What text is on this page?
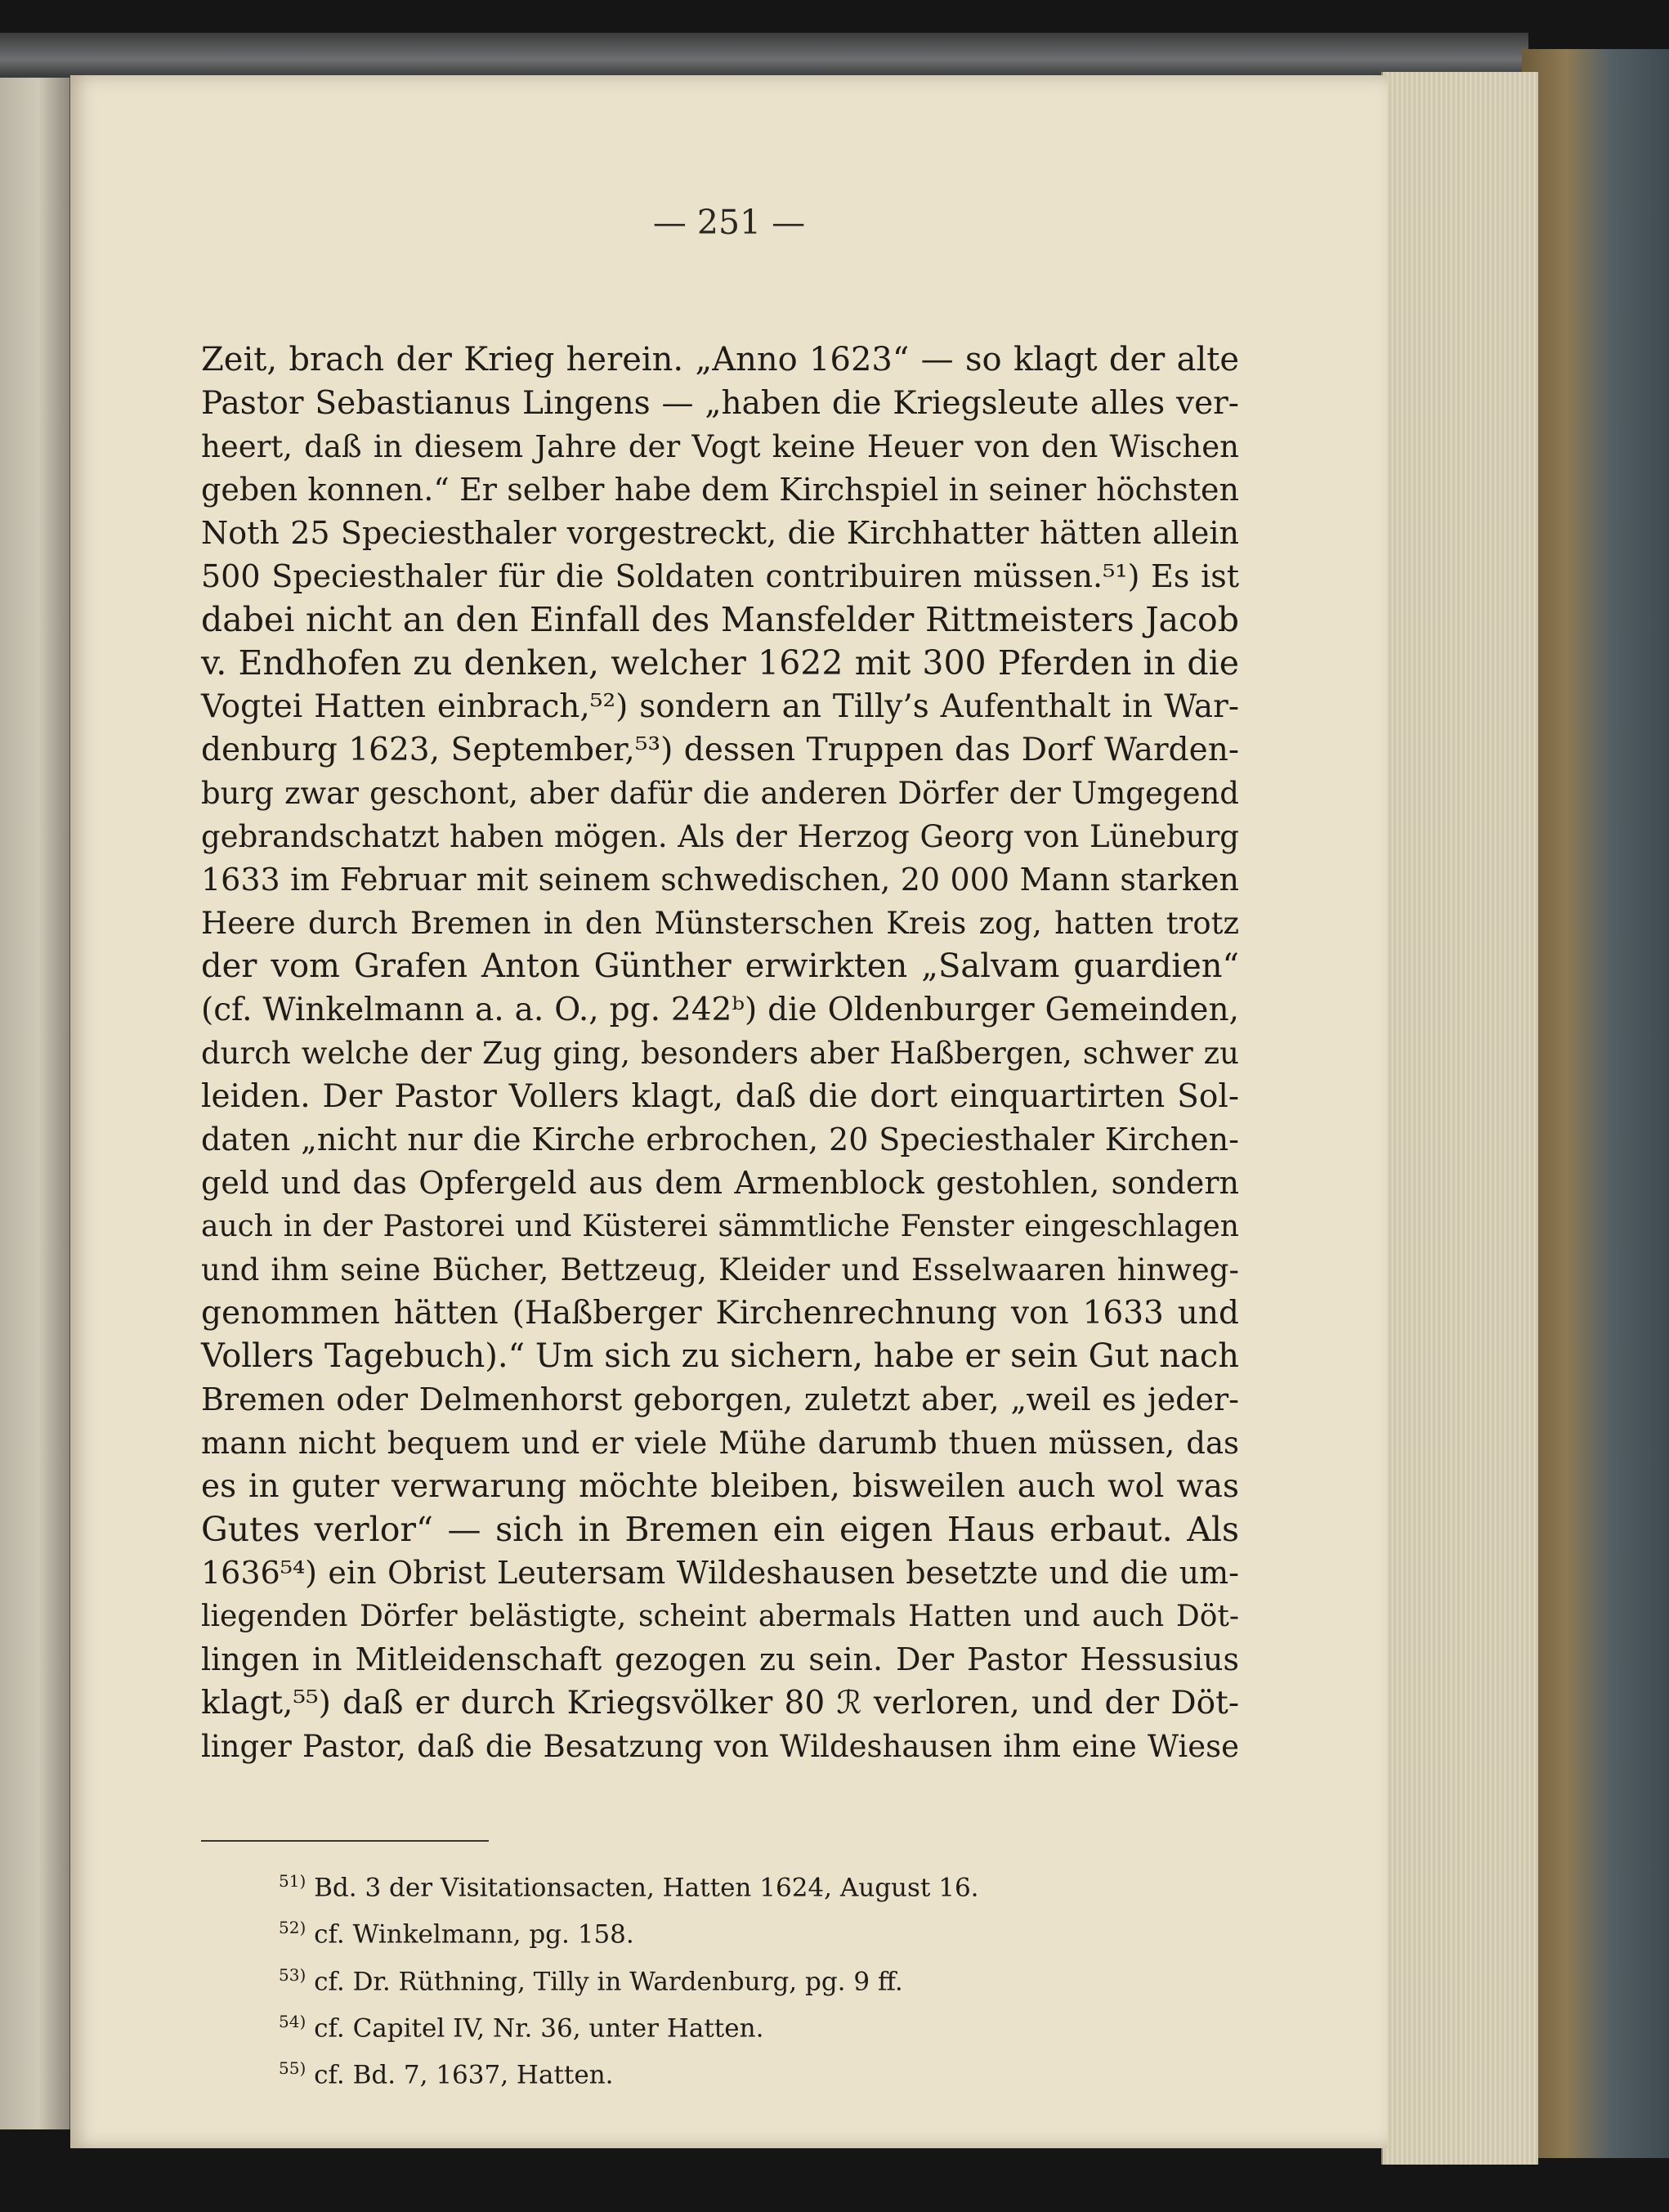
— 251 —
Zeit, brach der Krieg herein. „Anno 1623“ — so klagt der alte
Pastor Sebastianus Lingens — „haben die Kriegsleute alles ver-
heert, daß in diesem Jahre der Vogt keine Heuer von den Wischen
geben konnen.“ Er selber habe dem Kirchspiel in seiner höchsten
Noth 25 Speciesthaler vorgestreckt, die Kirchhatter hätten allein
500 Speciesthaler für die Soldaten contribuiren müssen.⁵¹) Es ist
dabei nicht an den Einfall des Mansfelder Rittmeisters Jacob
v. Endhofen zu denken, welcher 1622 mit 300 Pferden in die
Vogtei Hatten einbrach,⁵²) sondern an Tilly’s Aufenthalt in War-
denburg 1623, September,⁵³) dessen Truppen das Dorf Warden-
burg zwar geschont, aber dafür die anderen Dörfer der Umgegend
gebrandschatzt haben mögen. Als der Herzog Georg von Lüneburg
1633 im Februar mit seinem schwedischen, 20 000 Mann starken
Heere durch Bremen in den Münsterschen Kreis zog, hatten trotz
der vom Grafen Anton Günther erwirkten „Salvam guardien“
(cf. Winkelmann a. a. O., pg. 242ᵇ) die Oldenburger Gemeinden,
durch welche der Zug ging, besonders aber Haßbergen, schwer zu
leiden. Der Pastor Vollers klagt, daß die dort einquartirten Sol-
daten „nicht nur die Kirche erbrochen, 20 Speciesthaler Kirchen-
geld und das Opfergeld aus dem Armenblock gestohlen, sondern
auch in der Pastorei und Küsterei sämmtliche Fenster eingeschlagen
und ihm seine Bücher, Bettzeug, Kleider und Esselwaaren hinweg-
genommen hätten (Haßberger Kirchenrechnung von 1633 und
Vollers Tagebuch).“ Um sich zu sichern, habe er sein Gut nach
Bremen oder Delmenhorst geborgen, zuletzt aber, „weil es jeder-
mann nicht bequem und er viele Mühe darumb thuen müssen, das
es in guter verwarung möchte bleiben, bisweilen auch wol was
Gutes verlor“ — sich in Bremen ein eigen Haus erbaut. Als
1636⁵⁴) ein Obrist Leutersam Wildeshausen besetzte und die um-
liegenden Dörfer belästigte, scheint abermals Hatten und auch Döt-
lingen in Mitleidenschaft gezogen zu sein. Der Pastor Hessusius
klagt,⁵⁵) daß er durch Kriegsvölker 80 ℛ verloren, und der Döt-
linger Pastor, daß die Besatzung von Wildeshausen ihm eine Wiese
$^{51)}$ Bd. 3 der Visitationsacten, Hatten 1624, August 16.
$^{52)}$ cf. Winkelmann, pg. 158.
$^{53)}$ cf. Dr. Rüthning, Tilly in Wardenburg, pg. 9 ff.
$^{54)}$ cf. Capitel IV, Nr. 36, unter Hatten.
$^{55)}$ cf. Bd. 7, 1637, Hatten.
